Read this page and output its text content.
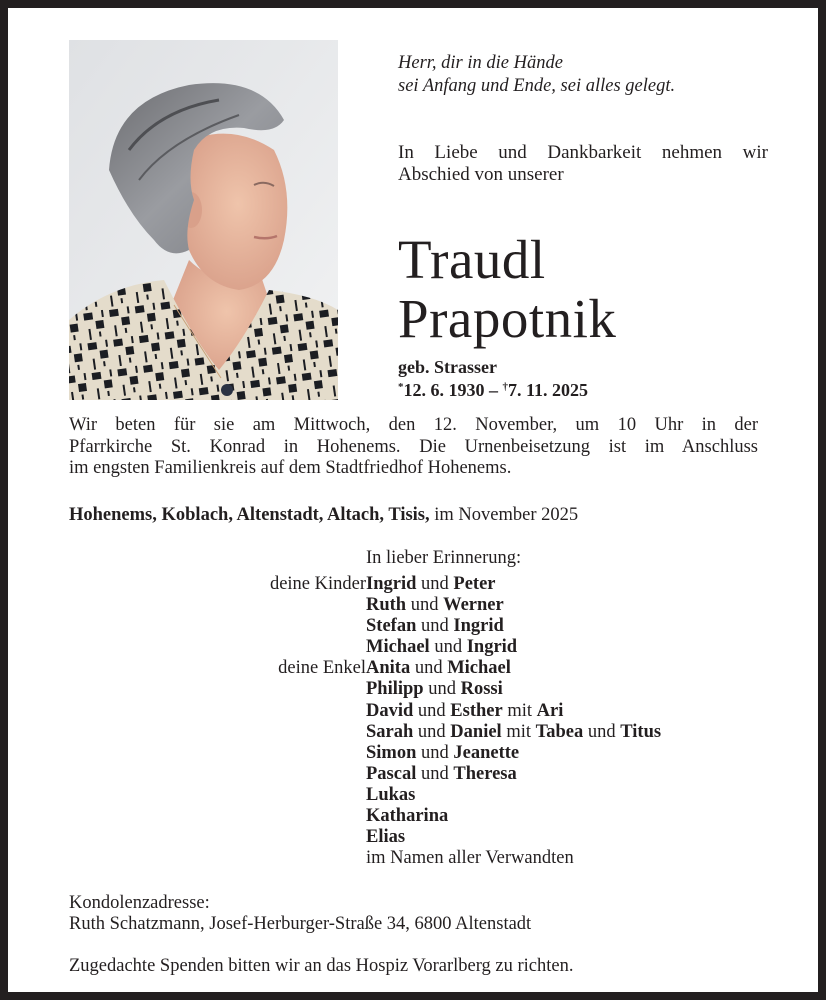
Herr, dir in die Hände
sei Anfang und Ende, sei alles gelegt.
In Liebe und Dankbarkeit nehmen wir
Abschied von unserer
Traudl
Prapotnik
geb. Strasser
*12. 6. 1930 – †7. 11. 2025
Wir beten für sie am Mittwoch, den 12. November, um 10 Uhr in der
Pfarrkirche St. Konrad in Hohenems. Die Urnenbeisetzung ist im Anschluss
im engsten Familienkreis auf dem Stadtfriedhof Hohenems.
Hohenems, Koblach, Altenstadt, Altach, Tisis, im November 2025
In lieber Erinnerung:
deine Kinder Ingrid und Peter
Ruth und Werner
Stefan und Ingrid
Michael und Ingrid
deine Enkel Anita und Michael
Philipp und Rossi
David und Esther mit Ari
Sarah und Daniel mit Tabea und Titus
Simon und Jeanette
Pascal und Theresa
Lukas
Katharina
Elias
im Namen aller Verwandten
Kondolenzadresse:
Ruth Schatzmann, Josef-Herburger-Straße 34, 6800 Altenstadt
Zugedachte Spenden bitten wir an das Hospiz Vorarlberg zu richten.
